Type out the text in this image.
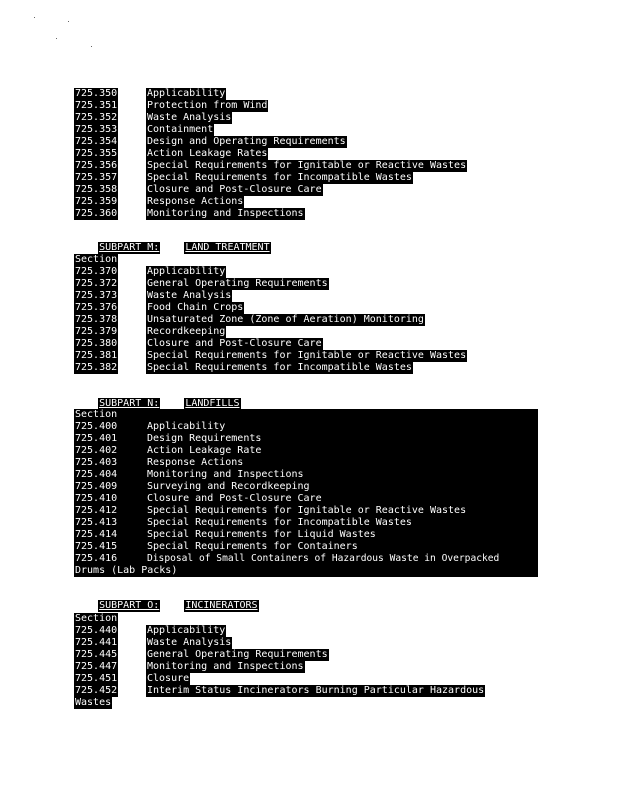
725.350	Applicability
725.351	Protection from Wind
725.352	Waste Analysis
725.353	Containment
725.354	Design and Operating Requirements
725.355	Action Leakage Rates
725.356	Special Requirements for Ignitable or Reactive Wastes
725.357	Special Requirements for Incompatible Wastes
725.358	Closure and Post-Closure Care
725.359	Response Actions
725.360	Monitoring and Inspections

SUBPART M:	LAND TREATMENT

Section
725.370	Applicability
725.372	General Operating Requirements
725.373	Waste Analysis
725.376	Food Chain Crops
725.378	Unsaturated Zone (Zone of Aeration) Monitoring
725.379	Recordkeeping
725.380	Closure and Post-Closure Care
725.381	Special Requirements for Ignitable or Reactive Wastes
725.382	Special Requirements for Incompatible Wastes

SUBPART N:	LANDFILLS

Section
725.400	Applicability
725.401	Design Requirements
725.402	Action Leakage Rate
725.403	Response Actions
725.404	Monitoring and Inspections
725.409	Surveying and Recordkeeping
725.410	Closure and Post-Closure Care
725.412	Special Requirements for Ignitable or Reactive Wastes
725.413	Special Requirements for Incompatible Wastes
725.414	Special Requirements for Liquid Wastes
725.415	Special Requirements for Containers
725.416	Disposal of Small Containers of Hazardous Waste in Overpacked
Drums (Lab Packs)

SUBPART O:	INCINERATORS

Section
725.440	Applicability
725.441	Waste Analysis
725.445	General Operating Requirements
725.447	Monitoring and Inspections
725.451	Closure
725.452	Interim Status Incinerators Burning Particular Hazardous
Wastes
